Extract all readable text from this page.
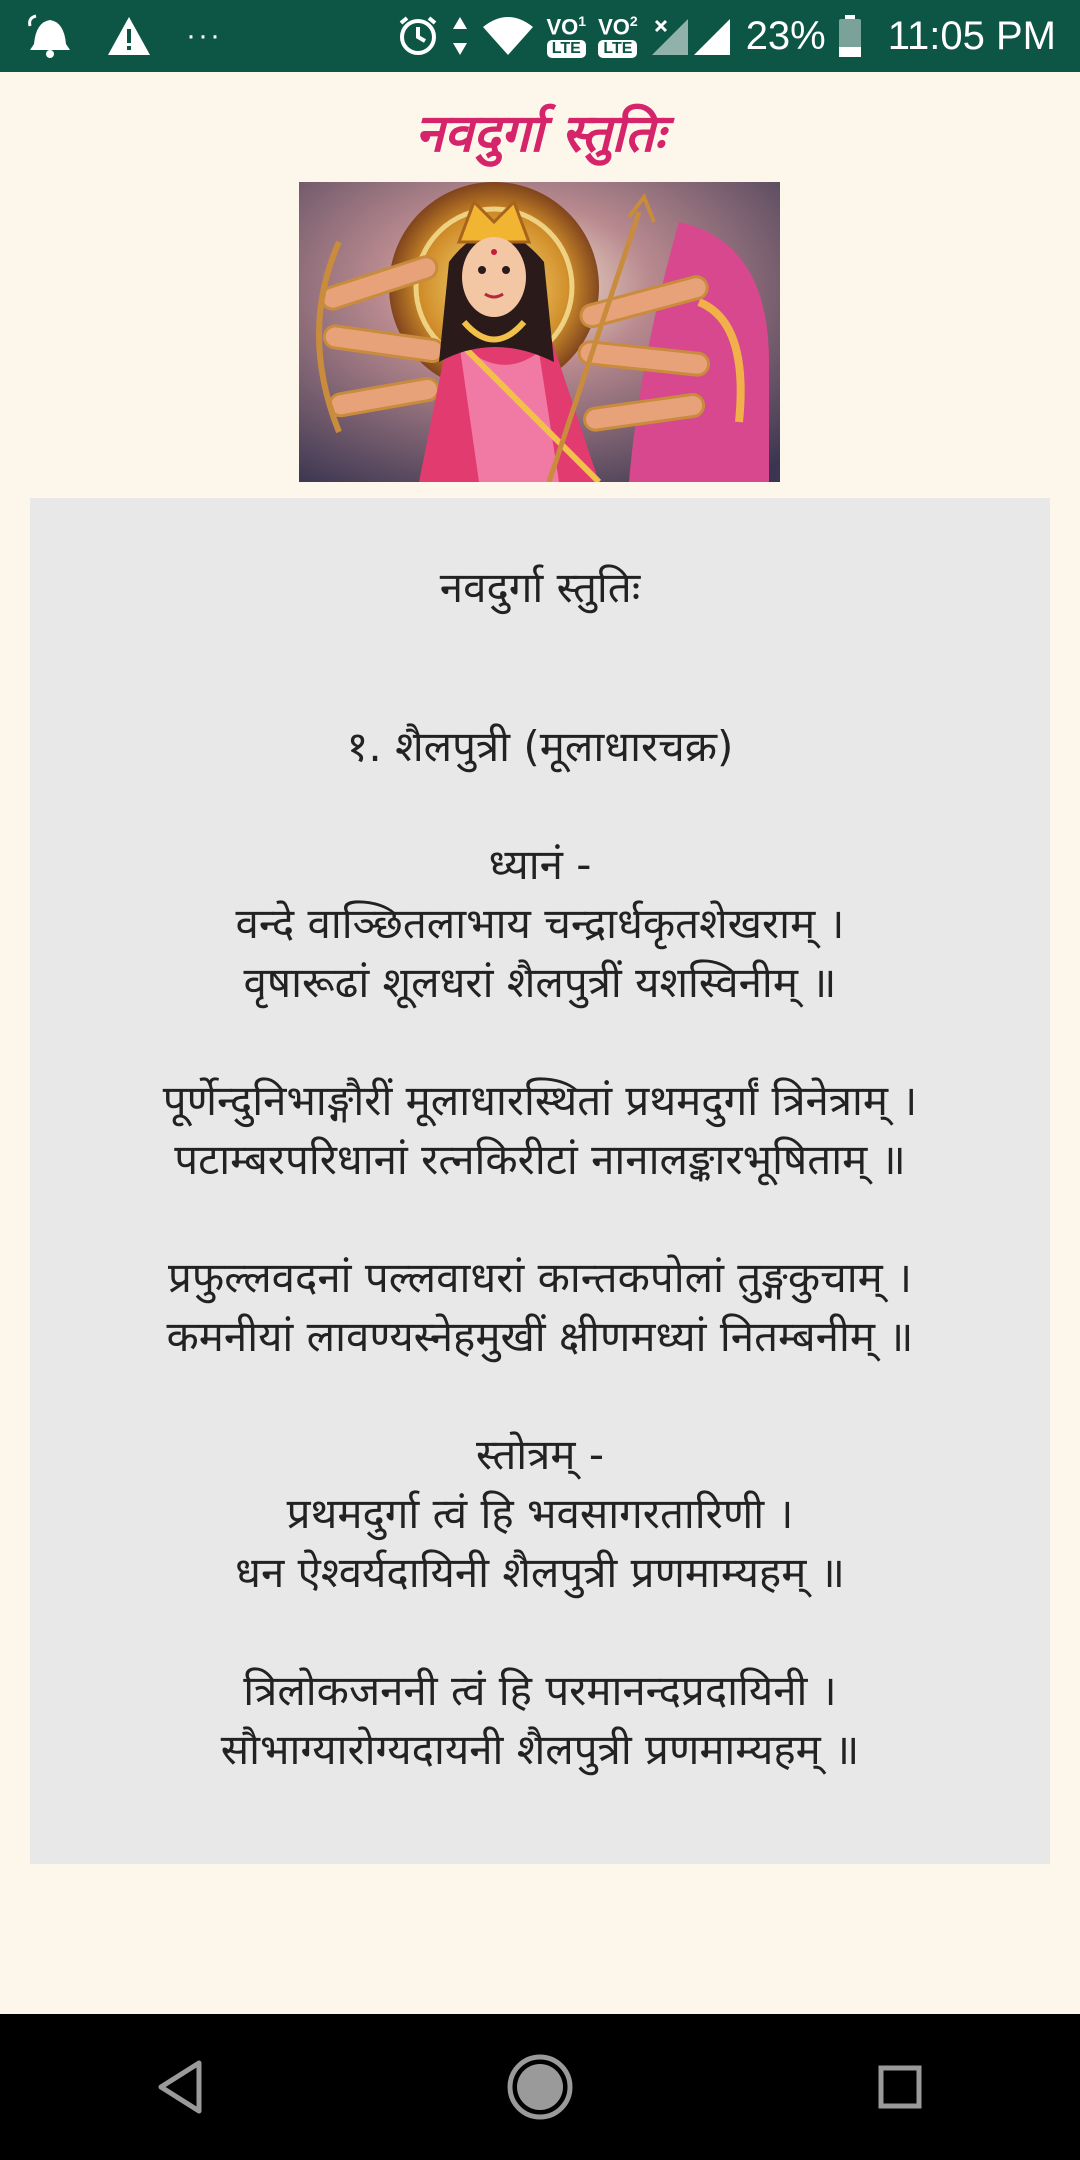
···	$VO^1$
LTE
$VO^2$
LTE	23% 11:05 PM
नवदुर्गा स्तुतिः
नवदुर्गा स्तुतिः
१. शैलपुत्री (मूलाधारचक्र)
ध्यानं -
वन्दे वाञ्छितलाभाय चन्द्रार्धकृतशेखराम् ।
वृषारूढां शूलधरां शैलपुत्रीं यशस्विनीम् ॥
पूर्णेन्दुनिभाङ्गौरीं मूलाधारस्थितां प्रथमदुर्गां त्रिनेत्राम् ।
पटाम्बरपरिधानां रत्नकिरीटां नानालङ्कारभूषिताम् ॥
प्रफुल्लवदनां पल्लवाधरां कान्तकपोलां तुङ्गकुचाम् ।
कमनीयां लावण्यस्नेहमुखीं क्षीणमध्यां नितम्बनीम् ॥
स्तोत्रम् -
प्रथमदुर्गा त्वं हि भवसागरतारिणी ।
धन ऐश्वर्यदायिनी शैलपुत्री प्रणमाम्यहम् ॥
त्रिलोकजननी त्वं हि परमानन्दप्रदायिनी ।
सौभाग्यारोग्यदायनी शैलपुत्री प्रणमाम्यहम् ॥
